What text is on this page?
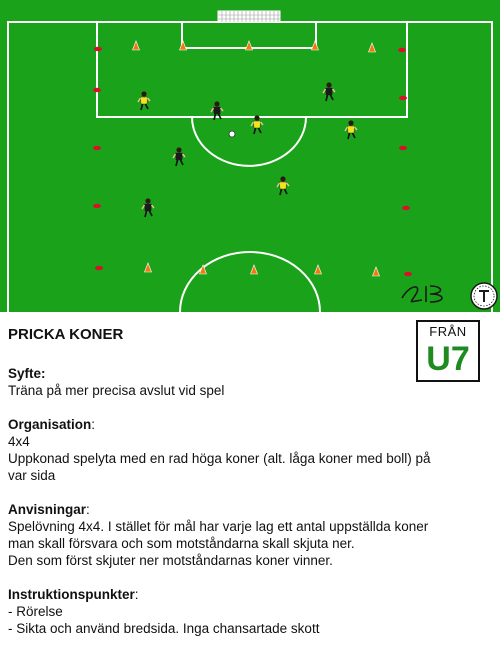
FRÅN
U7
PRICKA KONER
Syfte:
Träna på mer precisa avslut vid spel
Organisation:
4x4
Uppkonad spelyta med en rad höga koner (alt. låga koner med boll) på
var sida
Anvisningar:
Spelövning 4x4. I stället för mål har varje lag ett antal uppställda koner
man skall försvara och som motståndarna skall skjuta ner.
Den som först skjuter ner motståndarnas koner vinner.
Instruktionspunkter:
- Rörelse
- Sikta och använd bredsida. Inga chansartade skott
